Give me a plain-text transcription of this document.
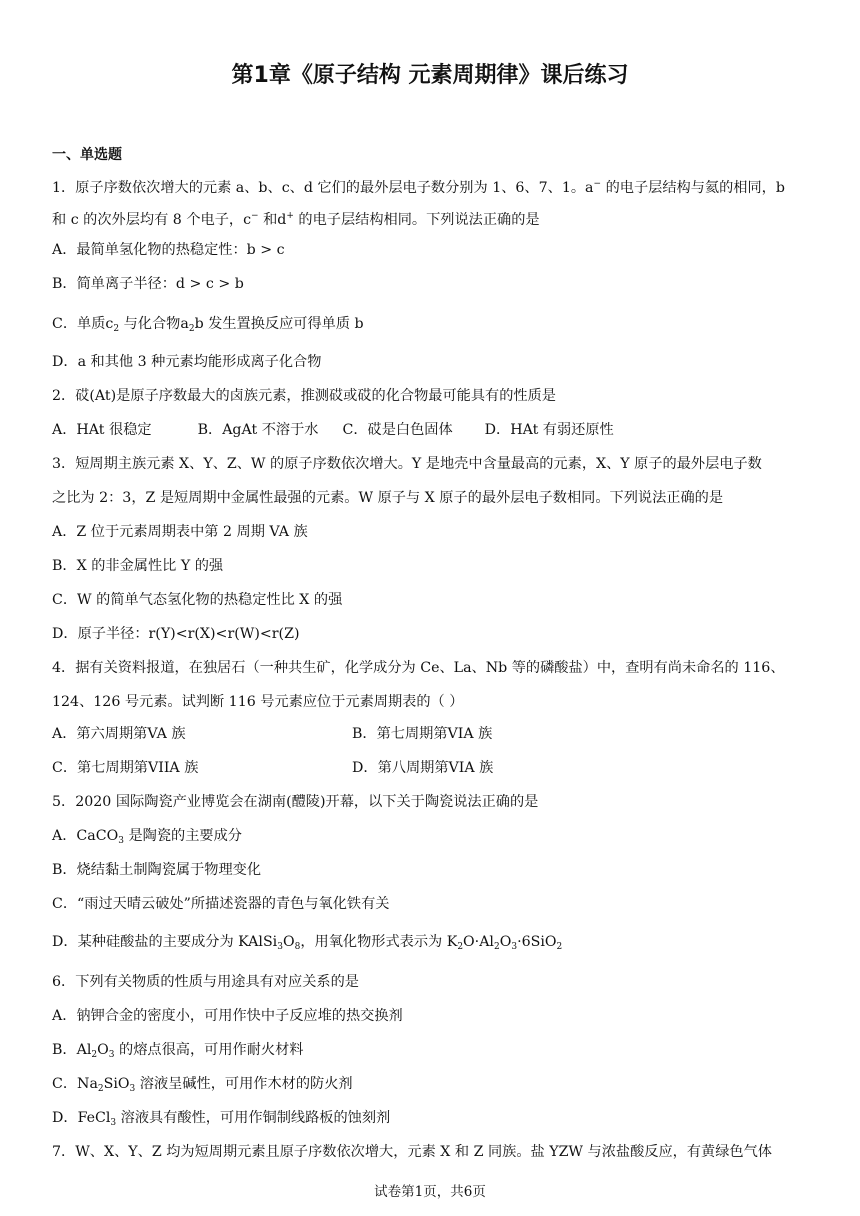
第1章《原子结构 元素周期律》课后练习
一、单选题
1．原子序数依次增大的元素 a、b、c、d 它们的最外层电子数分别为 1、6、7、1。a− 的电子层结构与氦的相同，b
和 c 的次外层均有 8 个电子，c− 和d+ 的电子层结构相同。下列说法正确的是
A．最简单氢化物的热稳定性：b > c
B．简单离子半径：d > c > b
C．单质$c_2$ 与化合物$a_2b$ 发生置换反应可得单质 b
D．a 和其他 3 种元素均能形成离子化合物
2．砹(At)是原子序数最大的卤族元素，推测砹或砹的化合物最可能具有的性质是
A．HAt 很稳定	B．AgAt 不溶于水 C．砹是白色固体 D．HAt 有弱还原性
3．短周期主族元素 X、Y、Z、W 的原子序数依次增大。Y 是地壳中含量最高的元素，X、Y 原子的最外层电子数
之比为 2：3，Z 是短周期中金属性最强的元素。W 原子与 X 原子的最外层电子数相同。下列说法正确的是
A．Z 位于元素周期表中第 2 周期 VA 族
B．X 的非金属性比 Y 的强
C．W 的简单气态氢化物的热稳定性比 X 的强
D．原子半径：r(Y)<r(X)<r(W)<r(Z)
4．据有关资料报道，在独居石（一种共生矿，化学成分为 Ce、La、Nb 等的磷酸盐）中，查明有尚未命名的 116、
124、126 号元素。试判断 116 号元素应位于元素周期表的（ ）
A．第六周期第VA 族	B．第七周期第VIA 族
C．第七周期第VIIA 族	D．第八周期第VIA 族
5．2020 国际陶瓷产业博览会在湖南(醴陵)开幕，以下关于陶瓷说法正确的是
A．CaCO$_3$ 是陶瓷的主要成分
B．烧结黏土制陶瓷属于物理变化
C．“雨过天晴云破处”所描述瓷器的青色与氧化铁有关
D．某种硅酸盐的主要成分为 $KAlSi_3O_8$，用氧化物形式表示为 $K_2O\cdot Al_2O_3\cdot 6SiO_2$
6．下列有关物质的性质与用途具有对应关系的是
A．钠钾合金的密度小，可用作快中子反应堆的热交换剂
B．$Al_2O_3$ 的熔点很高，可用作耐火材料
C．$Na_2SiO_3$ 溶液呈碱性，可用作木材的防火剂
D．FeCl$_3$ 溶液具有酸性，可用作铜制线路板的蚀刻剂
7．W、X、Y、Z 均为短周期元素且原子序数依次增大，元素 X 和 Z 同族。盐 YZW 与浓盐酸反应，有黄绿色气体
试卷第1页，共6页
